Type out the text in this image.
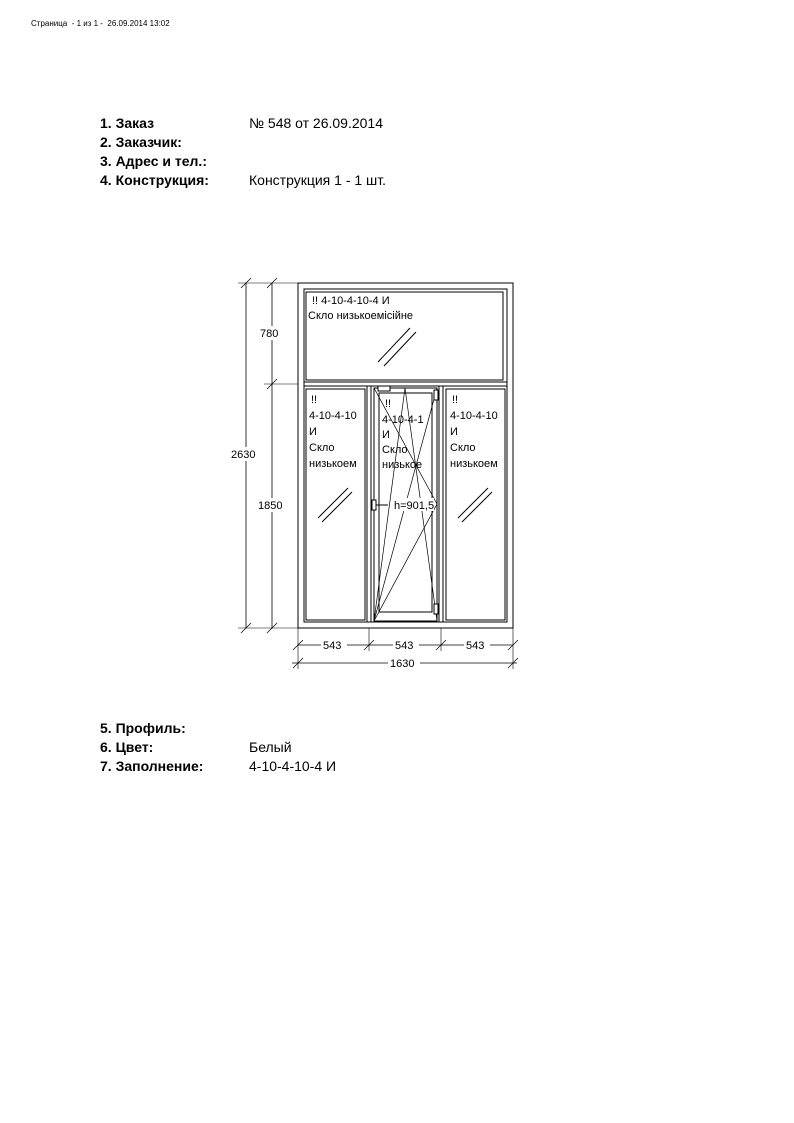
Страница  - 1 из 1 -  26.09.2014 13:02
1. Заказ	№ 548 от 26.09.2014
2. Заказчик:
3. Адрес и тел.:
4. Конструкция:	Конструкция 1 - 1 шт.
780
2630
1850
543	543	543
1630
!! 4-10-4-10-4 И
Скло низькоемісійне
!!
4-10-4-10
И
Скло
низькоем
!!
4-10-4-1
И
Скло
низькое
!!
4-10-4-10
И
Скло
низькоем
h=901,5
5. Профиль:
6. Цвет:	Белый
7. Заполнение:	4-10-4-10-4 И
